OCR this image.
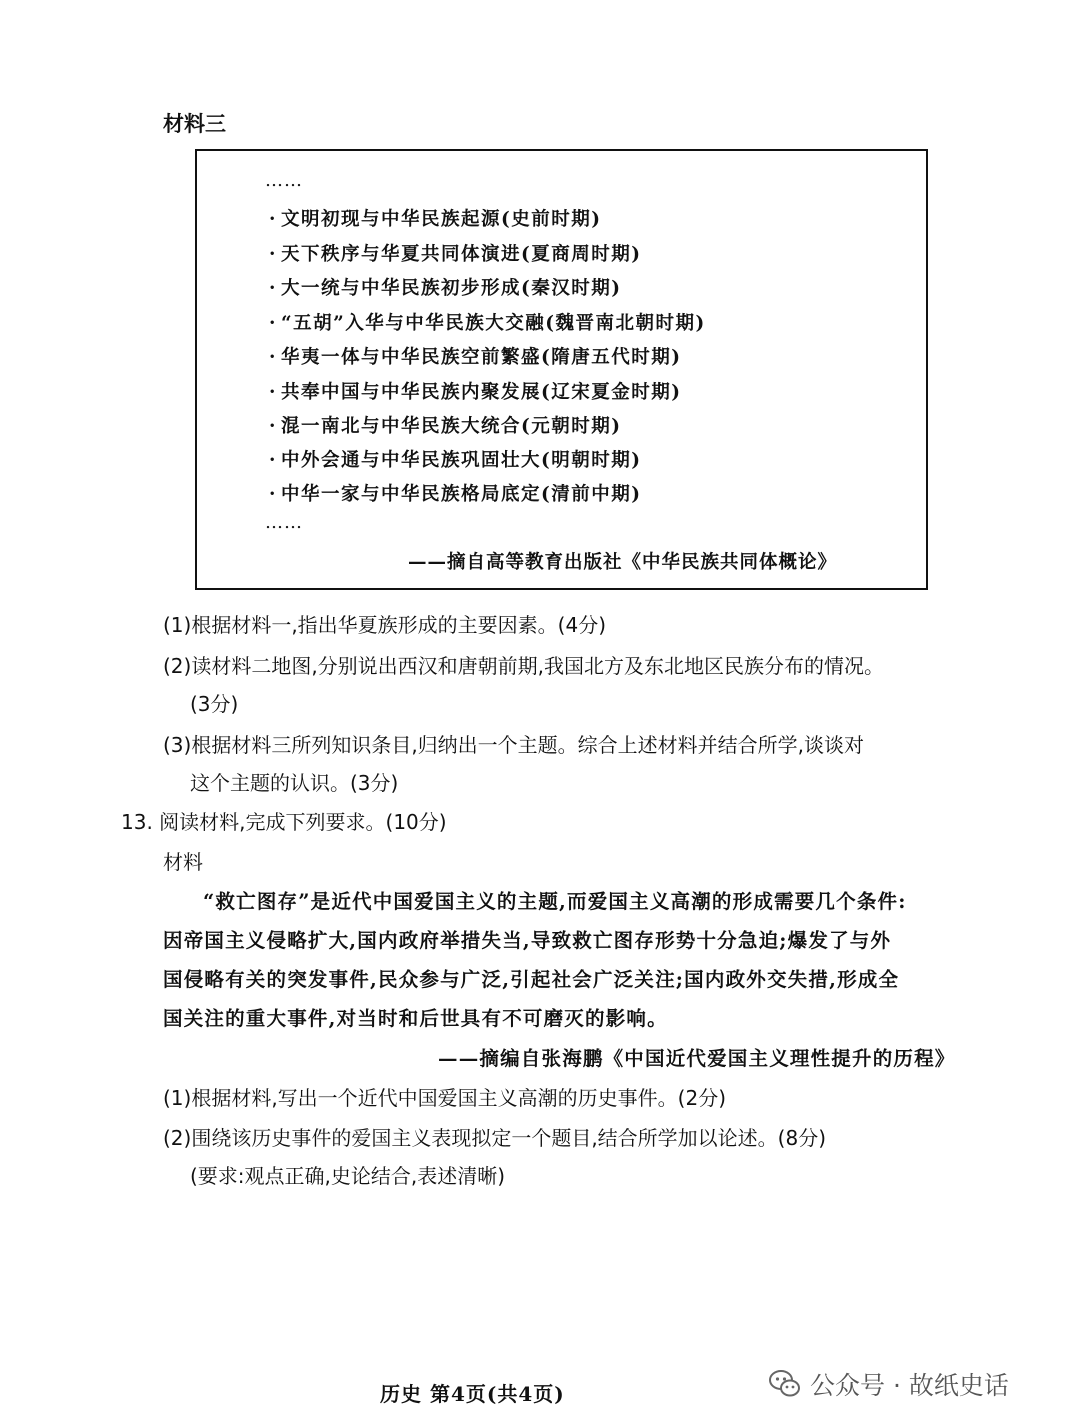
材料三
……
· 文明初现与中华民族起源(史前时期)
· 天下秩序与华夏共同体演进(夏商周时期)
· 大一统与中华民族初步形成(秦汉时期)
· “五胡”入华与中华民族大交融(魏晋南北朝时期)
· 华夷一体与中华民族空前繁盛(隋唐五代时期)
· 共奉中国与中华民族内聚发展(辽宋夏金时期)
· 混一南北与中华民族大统合(元朝时期)
· 中外会通与中华民族巩固壮大(明朝时期)
· 中华一家与中华民族格局底定(清前中期)
……
——摘自高等教育出版社《中华民族共同体概论》
(1)根据材料一,指出华夏族形成的主要因素。(4分)
(2)读材料二地图,分别说出西汉和唐朝前期,我国北方及东北地区民族分布的情况。
(3分)
(3)根据材料三所列知识条目,归纳出一个主题。综合上述材料并结合所学,谈谈对
这个主题的认识。(3分)
13. 阅读材料,完成下列要求。(10分)
材料
“救亡图存”是近代中国爱国主义的主题,而爱国主义高潮的形成需要几个条件:
因帝国主义侵略扩大,国内政府举措失当,导致救亡图存形势十分急迫;爆发了与外
国侵略有关的突发事件,民众参与广泛,引起社会广泛关注;国内政外交失措,形成全
国关注的重大事件,对当时和后世具有不可磨灭的影响。
——摘编自张海鹏《中国近代爱国主义理性提升的历程》
(1)根据材料,写出一个近代中国爱国主义高潮的历史事件。(2分)
(2)围绕该历史事件的爱国主义表现拟定一个题目,结合所学加以论述。(8分)
(要求:观点正确,史论结合,表述清晰)
历史 第4页(共4页)	公众号 · 故纸史话
